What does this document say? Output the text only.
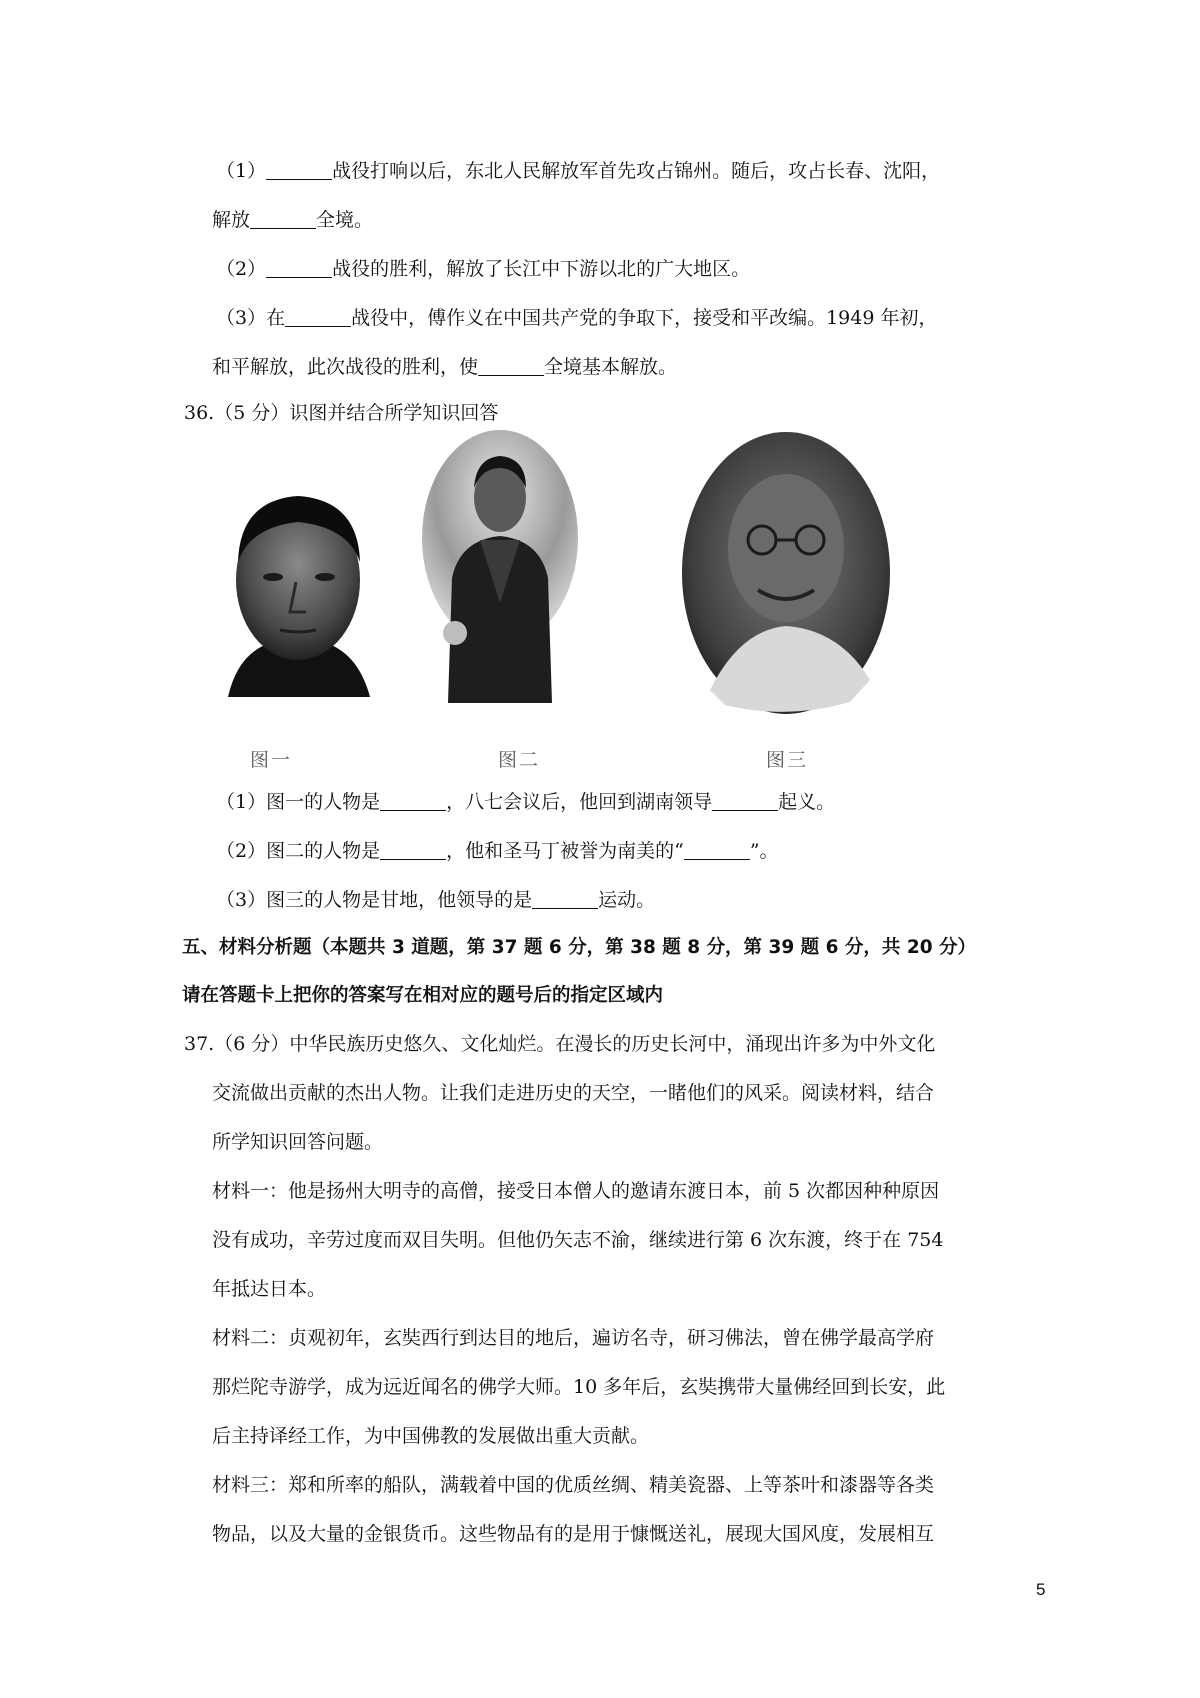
（1）	战役打响以后，东北人民解放军首先攻占锦州。随后，攻占长春、沈阳，
解放	全境。
（2）	战役的胜利，解放了长江中下游以北的广大地区。
（3）在	战役中，傅作义在中国共产党的争取下，接受和平改编。1949 年初，
和平解放，此次战役的胜利，使	全境基本解放。
36.（5 分）识图并结合所学知识回答
图一	图二	图三
（1）图一的人物是	，八七会议后，他回到湖南领导	起义。
（2）图二的人物是	，他和圣马丁被誉为南美的“	”。
（3）图三的人物是甘地，他领导的是	运动。
五、材料分析题（本题共 3 道题，第 37 题 6 分，第 38 题 8 分，第 39 题 6 分，共 20 分）
请在答题卡上把你的答案写在相对应的题号后的指定区域内
37.（6 分）中华民族历史悠久、文化灿烂。在漫长的历史长河中，涌现出许多为中外文化
交流做出贡献的杰出人物。让我们走进历史的天空，一睹他们的风采。阅读材料，结合
所学知识回答问题。
材料一：他是扬州大明寺的高僧，接受日本僧人的邀请东渡日本，前 5 次都因种种原因
没有成功，辛劳过度而双目失明。但他仍矢志不渝，继续进行第 6 次东渡，终于在 754
年抵达日本。
材料二：贞观初年，玄奘西行到达目的地后，遍访名寺，研习佛法，曾在佛学最高学府
那烂陀寺游学，成为远近闻名的佛学大师。10 多年后，玄奘携带大量佛经回到长安，此
后主持译经工作，为中国佛教的发展做出重大贡献。
材料三：郑和所率的船队，满载着中国的优质丝绸、精美瓷器、上等茶叶和漆器等各类
物品，以及大量的金银货币。这些物品有的是用于慷慨送礼，展现大国风度，发展相互
5
